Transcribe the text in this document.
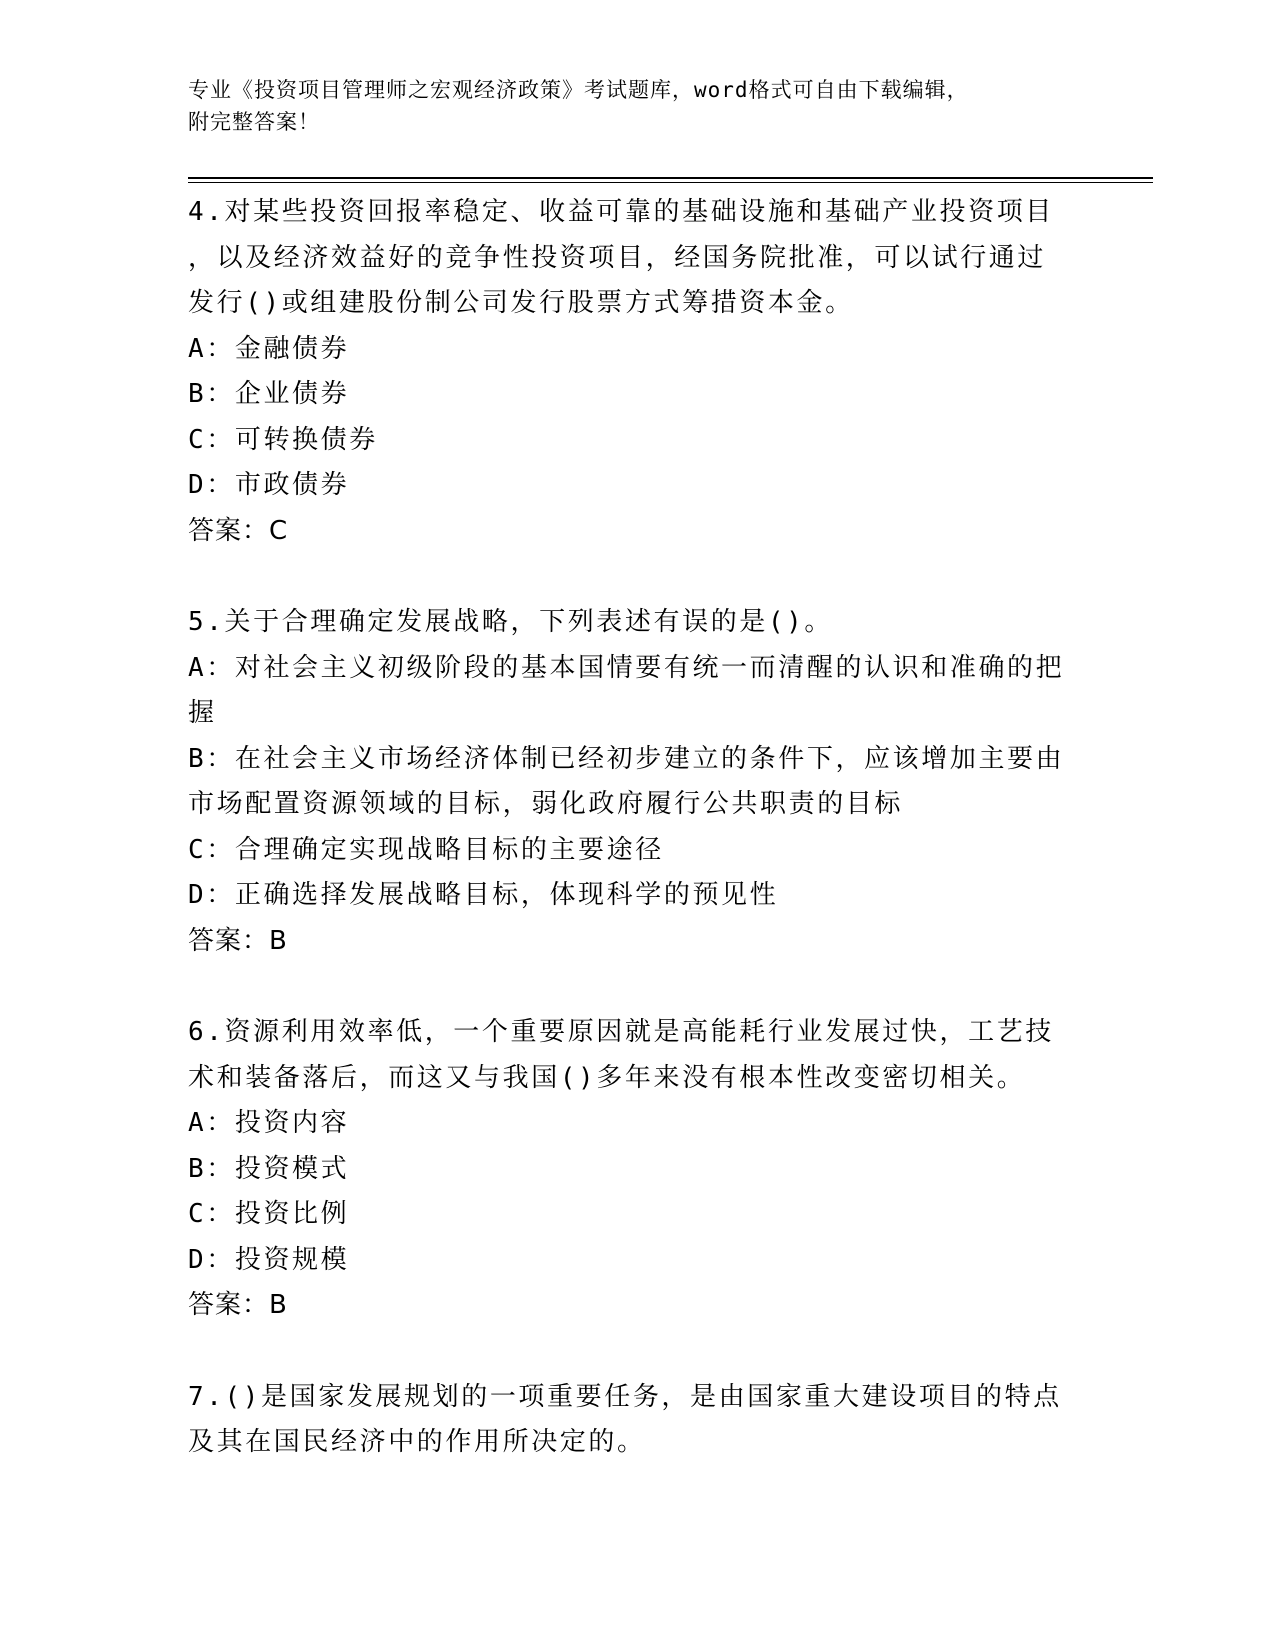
专业《投资项目管理师之宏观经济政策》考试题库，word格式可自由下载编辑，
附完整答案！
4.对某些投资回报率稳定、收益可靠的基础设施和基础产业投资项目
，以及经济效益好的竞争性投资项目，经国务院批准，可以试行通过
发行()或组建股份制公司发行股票方式筹措资本金。
A：金融债券
B：企业债券
C：可转换债券
D：市政债券
答案：C
5.关于合理确定发展战略，下列表述有误的是()。
A：对社会主义初级阶段的基本国情要有统一而清醒的认识和准确的把
握
B：在社会主义市场经济体制已经初步建立的条件下，应该增加主要由
市场配置资源领域的目标，弱化政府履行公共职责的目标
C：合理确定实现战略目标的主要途径
D：正确选择发展战略目标，体现科学的预见性
答案：B
6.资源利用效率低，一个重要原因就是高能耗行业发展过快，工艺技
术和装备落后，而这又与我国()多年来没有根本性改变密切相关。
A：投资内容
B：投资模式
C：投资比例
D：投资规模
答案：B
7.()是国家发展规划的一项重要任务，是由国家重大建设项目的特点
及其在国民经济中的作用所决定的。
